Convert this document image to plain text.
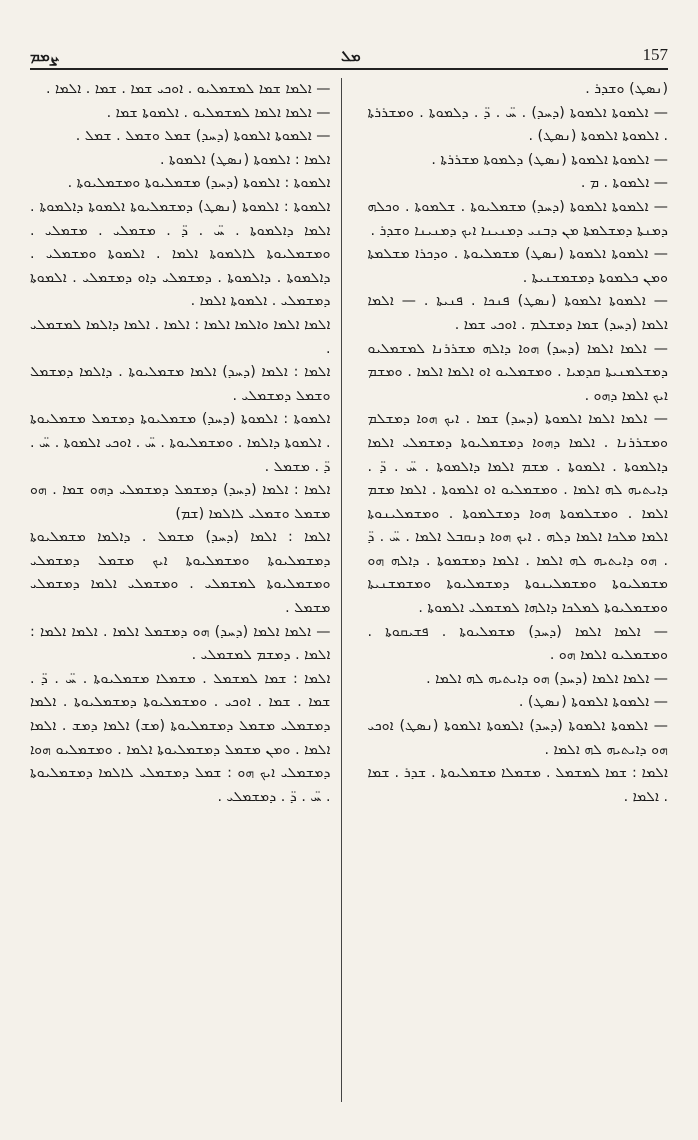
ܨܡܡ	ܡܠ	157

— ܐܠܡܐ ܫܡܐ ܠܡܫܡܠܝܘ . ܐܘܟܝ ܫܡܐ . ܫܡܐ . ܐܠܡܐ .

— ܐܠܡܐ ܐܠܡܐ ܠܡܫܡܠܝܘ . ܐܠܡܘܬܐ ܫܡܐ .

— ܐܠܡܘܬܐ ܐܠܡܘܬܐ (ܕܚܕ) ܫܡܠ ܘܫܡܠ . ܫܡܠ .

ܐܠܡܐ : ܐܠܡܘܬܐ (ܢܣܛ) ܐܠܡܘܬܐ .

ܐܠܡܘܬܐ : ܐܠܡܘܬܐ (ܕܚܕ) ܡܫܡܠܝܘܬܐ ܘܡܫܡܠܝܘܬܐ .

ܐܠܡܘܬܐ : ܐܠܡܘܬܐ (ܢܣܛ) ܕܡܫܡܠܝܘܬܐ ܐܠܡܘܬܐ ܕܐܠܡܘܬܐ . ܐܠܡܐ ܕܐܠܡܘܬܐ . ܚ̈ . ܕ̈ . ܡܫܡܠܝ . ܡܫܡܠܝ . ܘܡܫܡܠܝܘܬܐ ܠܐܠܡܘܬܐ ܐܠܡܐ . ܐܠܡܘܬܐ ܘܡܫܡܠܝ . ܕܐܠܡܘܬܐ . ܕܐܠܡܘܬܐ . ܕܡܫܡܠܝ ܕܐܘ ܕܡܫܡܠܝ . ܐܠܡܘܬܐ ܕܡܫܡܠܝ . ܐܠܡܘܬܐ ܐܠܡܐ .

ܐܠܡܐ ܐܠܡܐ ܘܐܠܡܐ ܐܠܡܐ : ܐܠܡܐ . ܐܠܡܐ ܕܐܠܡܐ ܠܡܫܡܠܝ .

ܐܠܡܐ : ܐܠܡܐ (ܕܚܕ) ܐܠܡܐ ܡܫܡܠܝܘܬܐ . ܕܐܠܡܐ ܕܡܫܡܠ ܘܫܡܠ ܕܡܫܡܠܝ .

ܐܠܡܘܬܐ : ܐܠܡܘܬܐ (ܕܚܕ) ܡܫܡܠܝܘܬܐ ܕܡܫܡܠ ܡܫܡܠܝܘܬܐ . ܐܠܡܘܬܐ ܕܐܠܡܐ . ܘܡܫܡܠܝܘܬܐ . ܚ̈ . ܐܘܟܝ ܐܠܡܘܬܐ . ܚ̈ . ܕ̈ . ܡܫܡܠ .

ܐܠܡܐ : ܐܠܡܐ (ܕܚܕ) ܕܡܫܡܠ ܕܡܫܡܠܝ ܕܗܘ ܫܡܐ . ܗܘ ܡܫܡܠ ܘܫܡܠܝ ܠܐܠܡܐ (ܫܡ)

ܐܠܡܐ : ܐܠܡܐ (ܕܚܕ) ܡܫܡܠ . ܕܐܠܡܐ ܡܫܡܠܝܘܬܐ ܕܡܫܡܠܝܘܬܐ ܘܡܫܡܠܝܘܬܐ ܐܝܟ ܡܫܡܠ ܕܡܫܡܠܝ ܘܡܫܡܠܝܘܬܐ ܠܡܫܡܠܝ . ܘܡܫܡܠܝ ܐܠܡܐ ܕܡܫܡܠܝ ܡܫܡܠ .

— ܐܠܡܐ ܐܠܡܐ (ܕܚܕ) ܗܘ ܕܡܫܡܠ ܐܠܡܐ . ܐܠܡܐ ܐܠܡܐ : ܐܠܡܐ . ܕܡܫܡ ܠܡܫܡܠܝ .

ܐܠܡܐ : ܫܡܐ ܠܡܫܡܠ . ܡܫܡܠܐ ܡܫܡܠܝܘܬܐ . ܚ̈ . ܕ̈ . ܫܡܐ . ܫܡܐ . ܐܘܟܝ . ܘܡܫܡܠܝܘܬܐ ܕܡܫܡܠܝܘܬܐ . ܐܠܡܐ ܕܡܫܡܠܝ ܡܫܡܠ ܕܡܫܡܠܝܘܬܐ (ܡܫ) ܐܠܡܐ ܕܡܫ . ܐܠܡܐ ܐܠܡܐ . ܘܡܢ ܡܫܡܠ ܕܡܫܡܠܝܘܬܐ ܐܠܡܐ . ܘܡܫܡܠܝܘ ܗܘܐ ܕܡܫܡܠܝ ܐܝܟ ܗܘ : ܫܡܠ ܕܡܫܡܠܝ ܠܐܠܡܐ ܕܡܫܡܠܝܘܬܐ . ܚ̈ . ܕ̈ . ܕܡܫܡܠܝ .

(ܢܣܛ) ܘܫܕܪ .

— ܐܠܡܘܬܐ ܐܠܡܘܬܐ (ܕܚܕ) . ܚ̈ . ܕ̈ . ܕܠܡܘܬܐ . ܘܡܫܪܪܬܐ . ܐܠܡܘܬܐ ܐܠܡܘܬܐ (ܢܣܛ) .

— ܐܠܡܘܬܐ ܐܠܡܘܬܐ (ܢܣܛ) ܕܠܡܘܬܐ ܡܫܪܪܬܐ .

— ܐܠܡܘܬܐ . ܡ .

— ܐܠܡܘܬܐ ܐܠܡܘܬܐ (ܕܚܕ) ܡܫܡܠܝܘܬܐ . ܫܠܡܘܬܐ . ܘܟܠܗ ܕܡܢܬܐ ܕܡܫܠܡܬܐ ܡܢ ܕܒܢܝ ܕܡܢܝܢܐ ܐܝܟ ܕܡܢܝܢܐ ܘܫܕܪ .

— ܐܠܡܘܬܐ ܐܠܡܘܬܐ (ܢܣܛ) ܡܫܡܠܝܘܬܐ . ܘܕܟܪܐ ܡܫܠܡܬܐ ܘܡܢ ܟܠܡܘܬܐ ܕܡܫܡܫܢܝܬܐ .

— ܐܠܡܘܬܐ ܐܠܡܘܬܐ (ܢܣܛ) ܦܢܟܐ . ܦܢܝܬܐ . — ܐܠܡܐ ܐܠܡܐ (ܕܚܕ) ܫܡܐ ܕܡܫܠܡ . ܐܘܟܝ ܫܡܐ .

— ܐܠܡܐ ܐܠܡܐ (ܕܚܕ) ܗܘܐ ܕܐܠܗ ܡܫܪܪܢܐ ܠܡܫܡܠܝܘ ܕܡܫܠܡܢܝܬܐ ܩܕܡܝܐ . ܘܡܫܡܠܝܘ ܐܘ ܐܠܡܐ ܐܠܡܐ . ܘܡܫܡ ܐܝܟ ܐܠܡܐ ܕܗܘ .

— ܐܠܡܐ ܐܠܡܐ ܐܠܡܘܬܐ (ܕܚܕ) ܫܡܐ . ܐܝܟ ܗܘܐ ܕܡܫܠܡ ܘܡܫܪܪܢܐ . ܐܠܡܐ ܕܗܘܐ ܕܡܫܡܠܝܘܬܐ ܕܡܫܡܠܝ ܐܠܡܐ ܕܐܠܡܘܬܐ . ܐܠܡܘܬܐ . ܡܫܡ ܐܠܡܐ ܕܐܠܡܘܬܐ . ܚ̈ . ܕ̈ . ܕܐܝܬܝܗ ܠܗ ܐܠܡܐ . ܘܡܫܡܠܝܘ ܐܘ ܐܠܡܘܬܐ . ܐܠܡܐ ܡܫܡ ܐܠܡܐ . ܘܡܫܠܡܘܬܐ ܗܘܐ ܕܡܫܠܡܘܬܐ . ܘܡܫܡܠܝܢܘܬܐ ܐܠܡܐ ܡܠܟܐ ܐܠܡܐ ܕܠܗ . ܐܝܟ ܗܘܐ ܕܢܩܒܠ ܐܠܡܐ . ܚ̈ . ܕ̈ . ܗܘ ܕܐܝܬܝܗ ܠܗ ܐܠܡܐ . ܐܠܡܐ ܕܡܫܡܘܬܐ . ܕܐܠܗ ܗܘ ܡܫܡܠܝܘܬܐ ܘܡܫܡܠܝܢܘܬܐ ܕܡܫܡܠܝܘܬܐ ܘܡܫܡܫܢܝܬܐ ܘܡܫܡܠܝܘܬܐ ܠܡܠܟܐ ܕܐܠܗܐ ܠܡܫܡܠܝ ܐܠܡܘܬܐ .

— ܐܠܡܐ ܐܠܡܐ (ܕܚܕ) ܡܫܡܠܝܘܬܐ . ܦܫܝܩܘܬܐ . ܘܡܫܡܠܝܘ ܐܠܡܐ ܗܘ .

— ܐܠܡܐ ܐܠܡܐ (ܕܚܕ) ܗܘ ܕܐܝܬܝܗ ܠܗ ܐܠܡܐ .

— ܐܠܡܘܬܐ ܐܠܡܘܬܐ (ܢܣܛ) .

— ܐܠܡܘܬܐ ܐܠܡܘܬܐ (ܕܚܕ) ܐܠܡܘܬܐ ܐܠܡܘܬܐ (ܢܣܛ) ܐܘܟܝ ܗܘ ܕܐܝܬܝܗ ܠܗ ܐܠܡܐ .

ܐܠܡܐ : ܫܡܐ ܠܡܫܡܠ . ܡܫܡܠܐ ܡܫܡܠܝܘܬܐ . ܫܕܪ . ܫܡܐ . ܐܠܡܐ .
